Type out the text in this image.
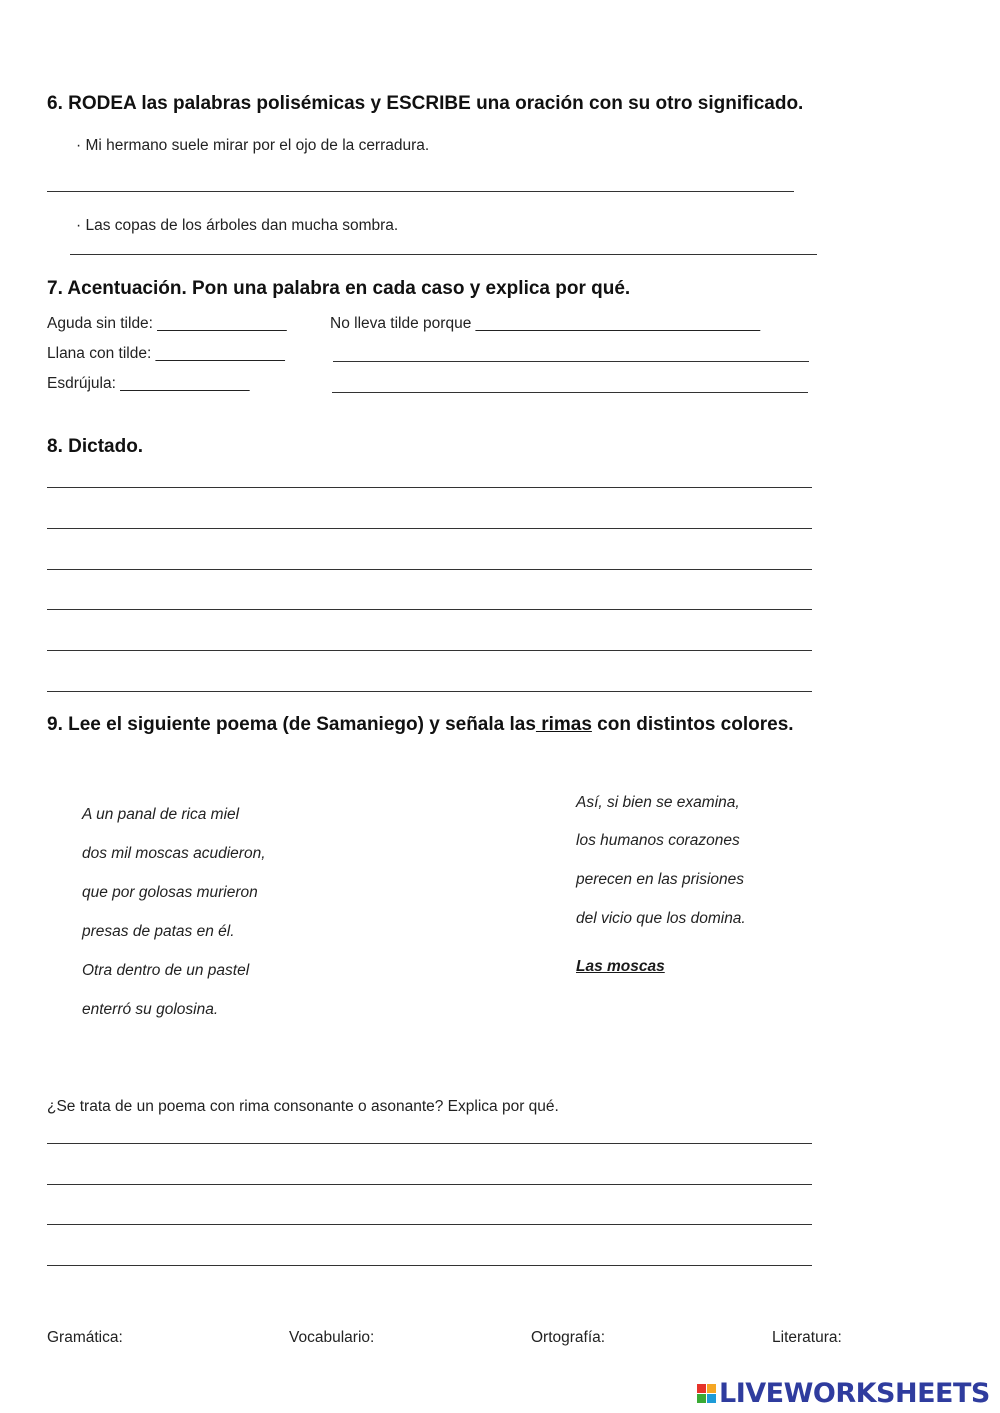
6. RODEA las palabras polisémicas y ESCRIBE una oración con su otro significado.
· Mi hermano suele mirar por el ojo de la cerradura.
· Las copas de los árboles dan mucha sombra.
7. Acentuación. Pon una palabra en cada caso y explica por qué.
Aguda sin tilde: _______________	No lleva tilde porque _________________________________
Llana con tilde: _______________
Esdrújula: _______________
8. Dictado.
9. Lee el siguiente poema (de Samaniego) y señala las rimas con distintos colores.
A un panal de rica miel
dos mil moscas acudieron,
que por golosas murieron
presas de patas en él.
Otra dentro de un pastel
enterró su golosina.
Así, si bien se examina,
los humanos corazones
perecen en las prisiones
del vicio que los domina.
Las moscas
¿Se trata de un poema con rima consonante o asonante? Explica por qué.
Gramática:	Vocabulario:	Ortografía:	Literatura:
LIVEWORKSHEETS
